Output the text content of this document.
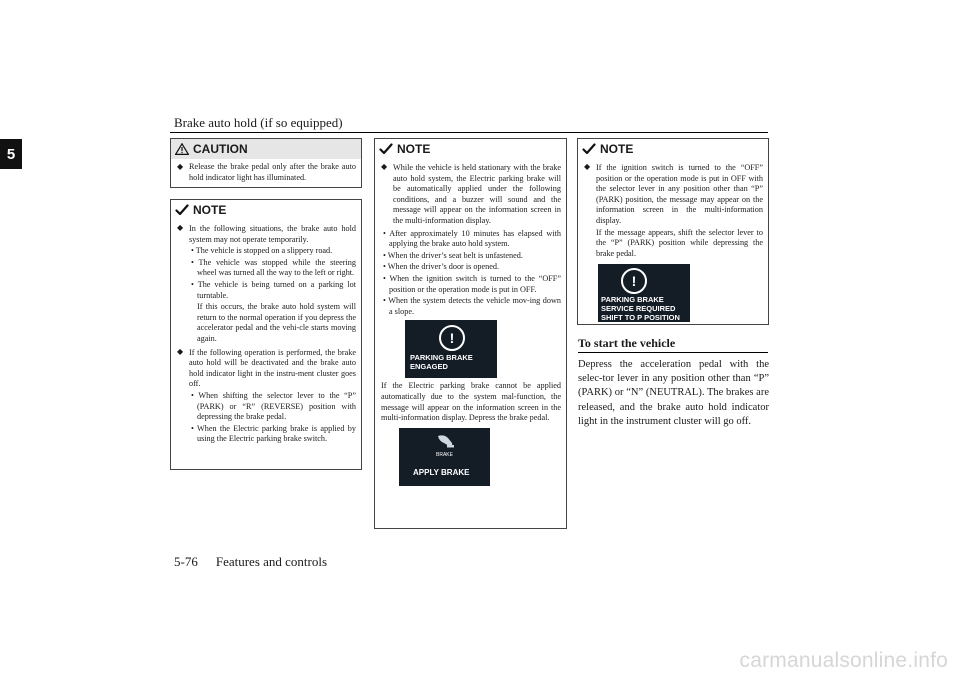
Brake auto hold (if so equipped)
5	CAUTION
◆ Release the brake pedal only after the brake auto hold indicator light has illuminated.
NOTE
◆ In the following situations, the brake auto hold system may not operate temporarily.
• The vehicle is stopped on a slippery road.
• The vehicle was stopped while the steering wheel was turned all the way to the left or right.
• The vehicle is being turned on a parking lot turntable.
If this occurs, the brake auto hold system will return to the normal operation if you depress the accelerator pedal and the vehi-cle starts moving again.
◆ If the following operation is performed, the brake auto hold will be deactivated and the brake auto hold indicator light in the instru-ment cluster goes off.
• When shifting the selector lever to the “P” (PARK) or “R” (REVERSE) position with depressing the brake pedal.
• When the Electric parking brake is applied by using the Electric parking brake switch.
NOTE
◆ While the vehicle is held stationary with the brake auto hold system, the Electric parking brake will be automatically applied under the following conditions, and a buzzer will sound and the message will appear on the information screen in the multi-information display.
• After approximately 10 minutes has elapsed with applying the brake auto hold system.
• When the driver’s seat belt is unfastened.
• When the driver’s door is opened.
• When the ignition switch is turned to the “OFF” position or the operation mode is put in OFF.
• When the system detects the vehicle mov-ing down a slope.
!
PARKING BRAKE
ENGAGED
If the Electric parking brake cannot be applied automatically due to the system mal-function, the message will appear on the information screen in the multi-information display. Depress the brake pedal.
BRAKE
APPLY BRAKE
NOTE
◆ If the ignition switch is turned to the “OFF” position or the operation mode is put in OFF with the selector lever in any position other than “P” (PARK) position, the message may appear on the information screen in the multi-information display.
If the message appears, shift the selector lever to the “P” (PARK) position while depressing the brake pedal.
!
PARKING BRAKE
SERVICE REQUIRED
SHIFT TO P POSITION
To start the vehicle
Depress the acceleration pedal with the selec-tor lever in any position other than “P” (PARK) or “N” (NEUTRAL). The brakes are released, and the brake auto hold indicator light in the instrument cluster will go off.
5-76 Features and controls
carmanualsonline.info
